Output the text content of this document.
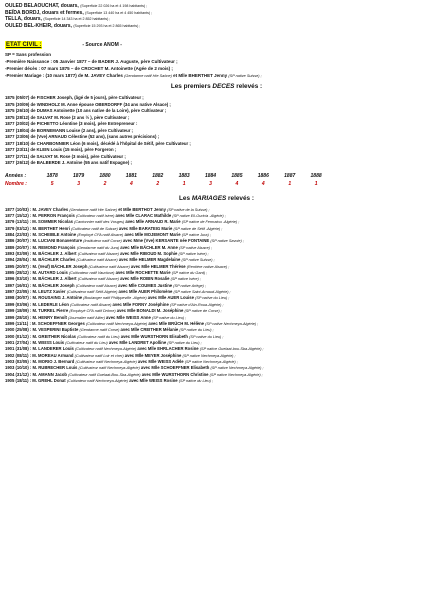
OULED BELAOUCHAT, douars, (Superficie 22 026 ha et 4 198 habitants) ;
BEÏDA BORDJ, douars et fermes, (Superficie 13 440 ha et 4 450 habitants) ;
TELLA, douars, (Superficie 14 343 ha et 2 852 habitants) ;
OULED BEL-KHEIR, douars, (Superficie 15 293 ha et 2 865 habitants) ;
ETAT CIVIL :	- Source ANOM -
SP = Sans profession
-Première Naissance : 05 Janvier 1877 – de BADER J. Auguste, père Cultivateur ;
-Premier décès : 07 mars 1875 – de CROCHET M. Antoinette (Agée de 2 mois) ;
-Premier Mariage : (10 mars 1877) de M. JAVEY Charles (Gendarme natif Hte Saône) et Mlle BHERTHET Jenny (SP native Suisse) ;
Les premiers DECES relevés :
1875 (05/07) de FISCHER Joseph, (âgé de 5 jours), père Cultivateur ;
1875 (30/09) de WINDHOLZ M. Anne épouse OBERDORFF (34 ans native Alsace) ;
1875 (26/10) de DUMAS Antoinette (10 ans native de la Loire), père Cultivateur ;
1875 (28/12) de SALVAT M. Rose (2 ans ½ ), père Cultivateur ;
1877 (20/02) de PICHETTO Léontine (3 mois), père Entrepreneur :
1877 (18/04) de BORNEMANN Louise (2 ans), père Cultivateur ;
1877 (23/06) de (Vve) ARNAUD Célestine (52 ans), (sans autres précisions) ;
1877 (18/10) de CHARBONNIER Léon (6 mois), décédé à l'hôpital de Sétif, père Cultivateur ;
1877 (23/11) de KLEIN Louis (15 mois), père Forgeron ;
1877 (27/11) de SALVAT M. Rose (3 mois), père Cultivateur ;
1877 (26/12) de BALBERDE J. Antoine (55 ans natif Espagne) ;
Années :	1878	1879	1880	1881	1882	1883	1884	1885	1886	1887	1888
Nombre :	5	3	2	4	2	1	3	4	4	1	1
Les MARIAGES relevés :
1877 (10/03) : M. JAVEY Charles (Gendarme natif Hte Saône) et Mlle BERTHOT Jenny (SP native de la Suisse) ;
1877 (15/12) : M. PERRON François (Cultivateur natif Isère) avec Mlle CLARAC Mathilde (SP native Ell-Ouricia -Algérie) ;
1879 (13/11) : M. SOMMER Nicolas (Cantonnier natif des Vosges) avec Mlle ARNAUD R. Marie (SP native de Fermatou -Algérie) ;
1879 (03/12) : M. BERTHET Henri (Cultivateur natif de Suisse) avec Mlle BARATEIG Marie (SP native de Sétif -Algérie) ;
1884 (22/03) : M. SCHEIBLE Antoine (Employé CFA natif Alsace) avec Mlle MOJEMONT Marie (SP native Jura) ;
1886 (30/07) : M. LUCIANI Bonaventure (Instituteur natif Corse) avec Mme (Vve) KERSANTE née FONTAINE (SP native Savoie) ;
1889 (20/07) : M. REMOND François (Gendarme natif du Jura) avec Mlle BÄCHLER M. Anne (SP native Alsace) ;
1893 (02/09) : M. BÄCHLER J. Albert (Cultivateur natif Alsace) avec Mlle RIBOUD M. Sophie (SP native Isère) ;
1894 (28/04) : M. BÄCHLER Charles (Cultivateur natif Alsace) avec Mlle HELMER Magdelaine (SP native Suisse) ;
1895 (20/07) : M. (Veuf) BÄCHLER Joseph (Cultivateur natif Alsace) avec Mlle HELMER Thérèse (Rentière native Alsace) ;
1895 (28/12) : M. AUTARD Louis (Cultivateur natif Vaucluse) avec Mlle ROCHETTE Marie (SP native du Gard) ;
1896 (03/10) : M. BÄCHLER J. Albert (Cultivateur natif Alsace) avec Mlle ROBIN Rosalie (SP native Isère) ;
1897 (16/01) : M. BÄCHLER Joseph (Cultivateur natif Alsace) avec Mlle COUMES Justine (SP native Ariège) ;
1897 (22/05) : M. LEUTZ Xavier (Cultivateur natif Sétif-Algérie) avec Mlle AUER Philomène (SP native Saint-Arnaud-Algérie) ;
1898 (30/07) : M. ROUSAING J. Antoine (Boulanger natif Philippeville -Algérie) avec Mlle AUER Louise (SP native du Lieu) ;
1899 (03/06) : M. LEDERLE Léon (Cultivateur natif Alsace) avec Mlle FORNY Joséphine (SP native d'Ain-Roua-Algérie) ;
1899 (18/09) : M. TURREL Pierre (Employé CFA natif Drôme) avec Mlle BONALDI M. Joséphine (SP native de Corse) ;
1899 (28/10) : M. HENRY Benoît (Journalier natif Allier) avec Mlle WEISS Anne (SP native du Lieu) ;
1899 (11/11) : M. SCHOEFFNER Georges (Cultivateur natif Nechmeya-Algérie) avec Mlle BRÜCH M. Hélène (SP native Nechmeya-Algérie) ;
1900 (25/08) : M. VESPERINI Baptiste (Gendarme natif Corse) avec Mlle CREITHER Mélanie (SP native du Lieu) ;
1900 (01/12) : M. GREITHER Nicolas (Cultivateur natif du Lieu) avec Mlle WURSTHORN Elisabeth (SP native du Lieu) ;
1901 (27/04) : M. WEISS Louis (Cultivateur natif du Lieu) avec Mlle LANDRET Apolline (SP native du Lieu) ;
1901 (31/08) : M. LANDERER Louis (Cultivateur natif Nechmeya-Algérie) avec Mlle EHRLACHER Rosine (SP native Guelaat-bou-Sba-Algérie) ;
1902 (08/11) : M. MOREAU Armand (Cultivateur natif Loir et cher) avec Mlle MEYER Joséphine (SP native Nechmeya-Algérie) ;
1903 (02/05) : M. MORIO J. Bernard (Cultivateur natif Nechmeya-Algérie) avec Mlle WEISS Adèle (SP native Nechmeya-Algérie) ;
1903 (10/10) : M. RUBRECHER Louis (Cultivateur natif Nechmeya-Algérie) avec Mlle SCHOEFFNER Elisabeth (SP native Nechmeya-Algérie) ;
1904 (31/12) : M. AMANN Jacob (Cultivateur natif Guelaat-Bou-Sba-Algérie) avec Mlle WURSTHORN Christine (SP native Nechmeya-Algérie) ;
1905 (18/11) : M. GREHL Donat (Cultivateur natif Nechmeya-Algérie) avec Mlle WEISS Rosine (SP native du Lieu) ;
